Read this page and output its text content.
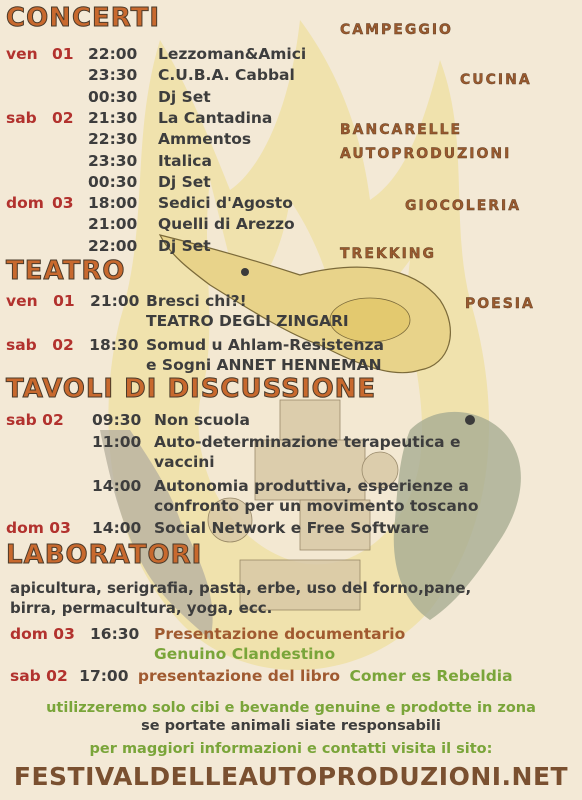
CONCERTI
ven 01 22:00 Lezzoman&Amici
23:30 C.U.B.A. Cabbal
00:30 Dj Set
sab 02 21:30 La Cantadina
22:30 Ammentos
23:30 Italica
00:30 Dj Set
dom 03 18:00 Sedici d'Agosto
21:00 Quelli di Arezzo
22:00 Dj Set
CAMPEGGIO
CUCINA
BANCARELLE
AUTOPRODUZIONI
GIOCOLERIA
TREKKING
POESIA
TEATRO
ven 01 21:00 Bresci chi?!
TEATRO DEGLI ZINGARI
sab 02 18:30 Somud u Ahlam-Resistenza
e Sogni ANNET HENNEMAN
TAVOLI DI DISCUSSIONE
sab 02 09:30 Non scuola
11:00 Auto-determinazione terapeutica e
vaccini
14:00 Autonomia produttiva, esperienze a
confronto per un movimento toscano
dom 03 14:00 Social Network e Free Software
LABORATORI
apicultura, serigrafia, pasta, erbe, uso del forno,pane,
birra, permacultura, yoga, ecc.
dom 03 16:30 Presentazione documentario
Genuino Clandestino
sab 02 17:00 presentazione del libro Comer es Rebeldia
utilizzeremo solo cibi e bevande genuine e prodotte in zona
se portate animali siate responsabili
per maggiori informazioni e contatti visita il sito:
FESTIVALDELLEAUTOPRODUZIONI.NET
